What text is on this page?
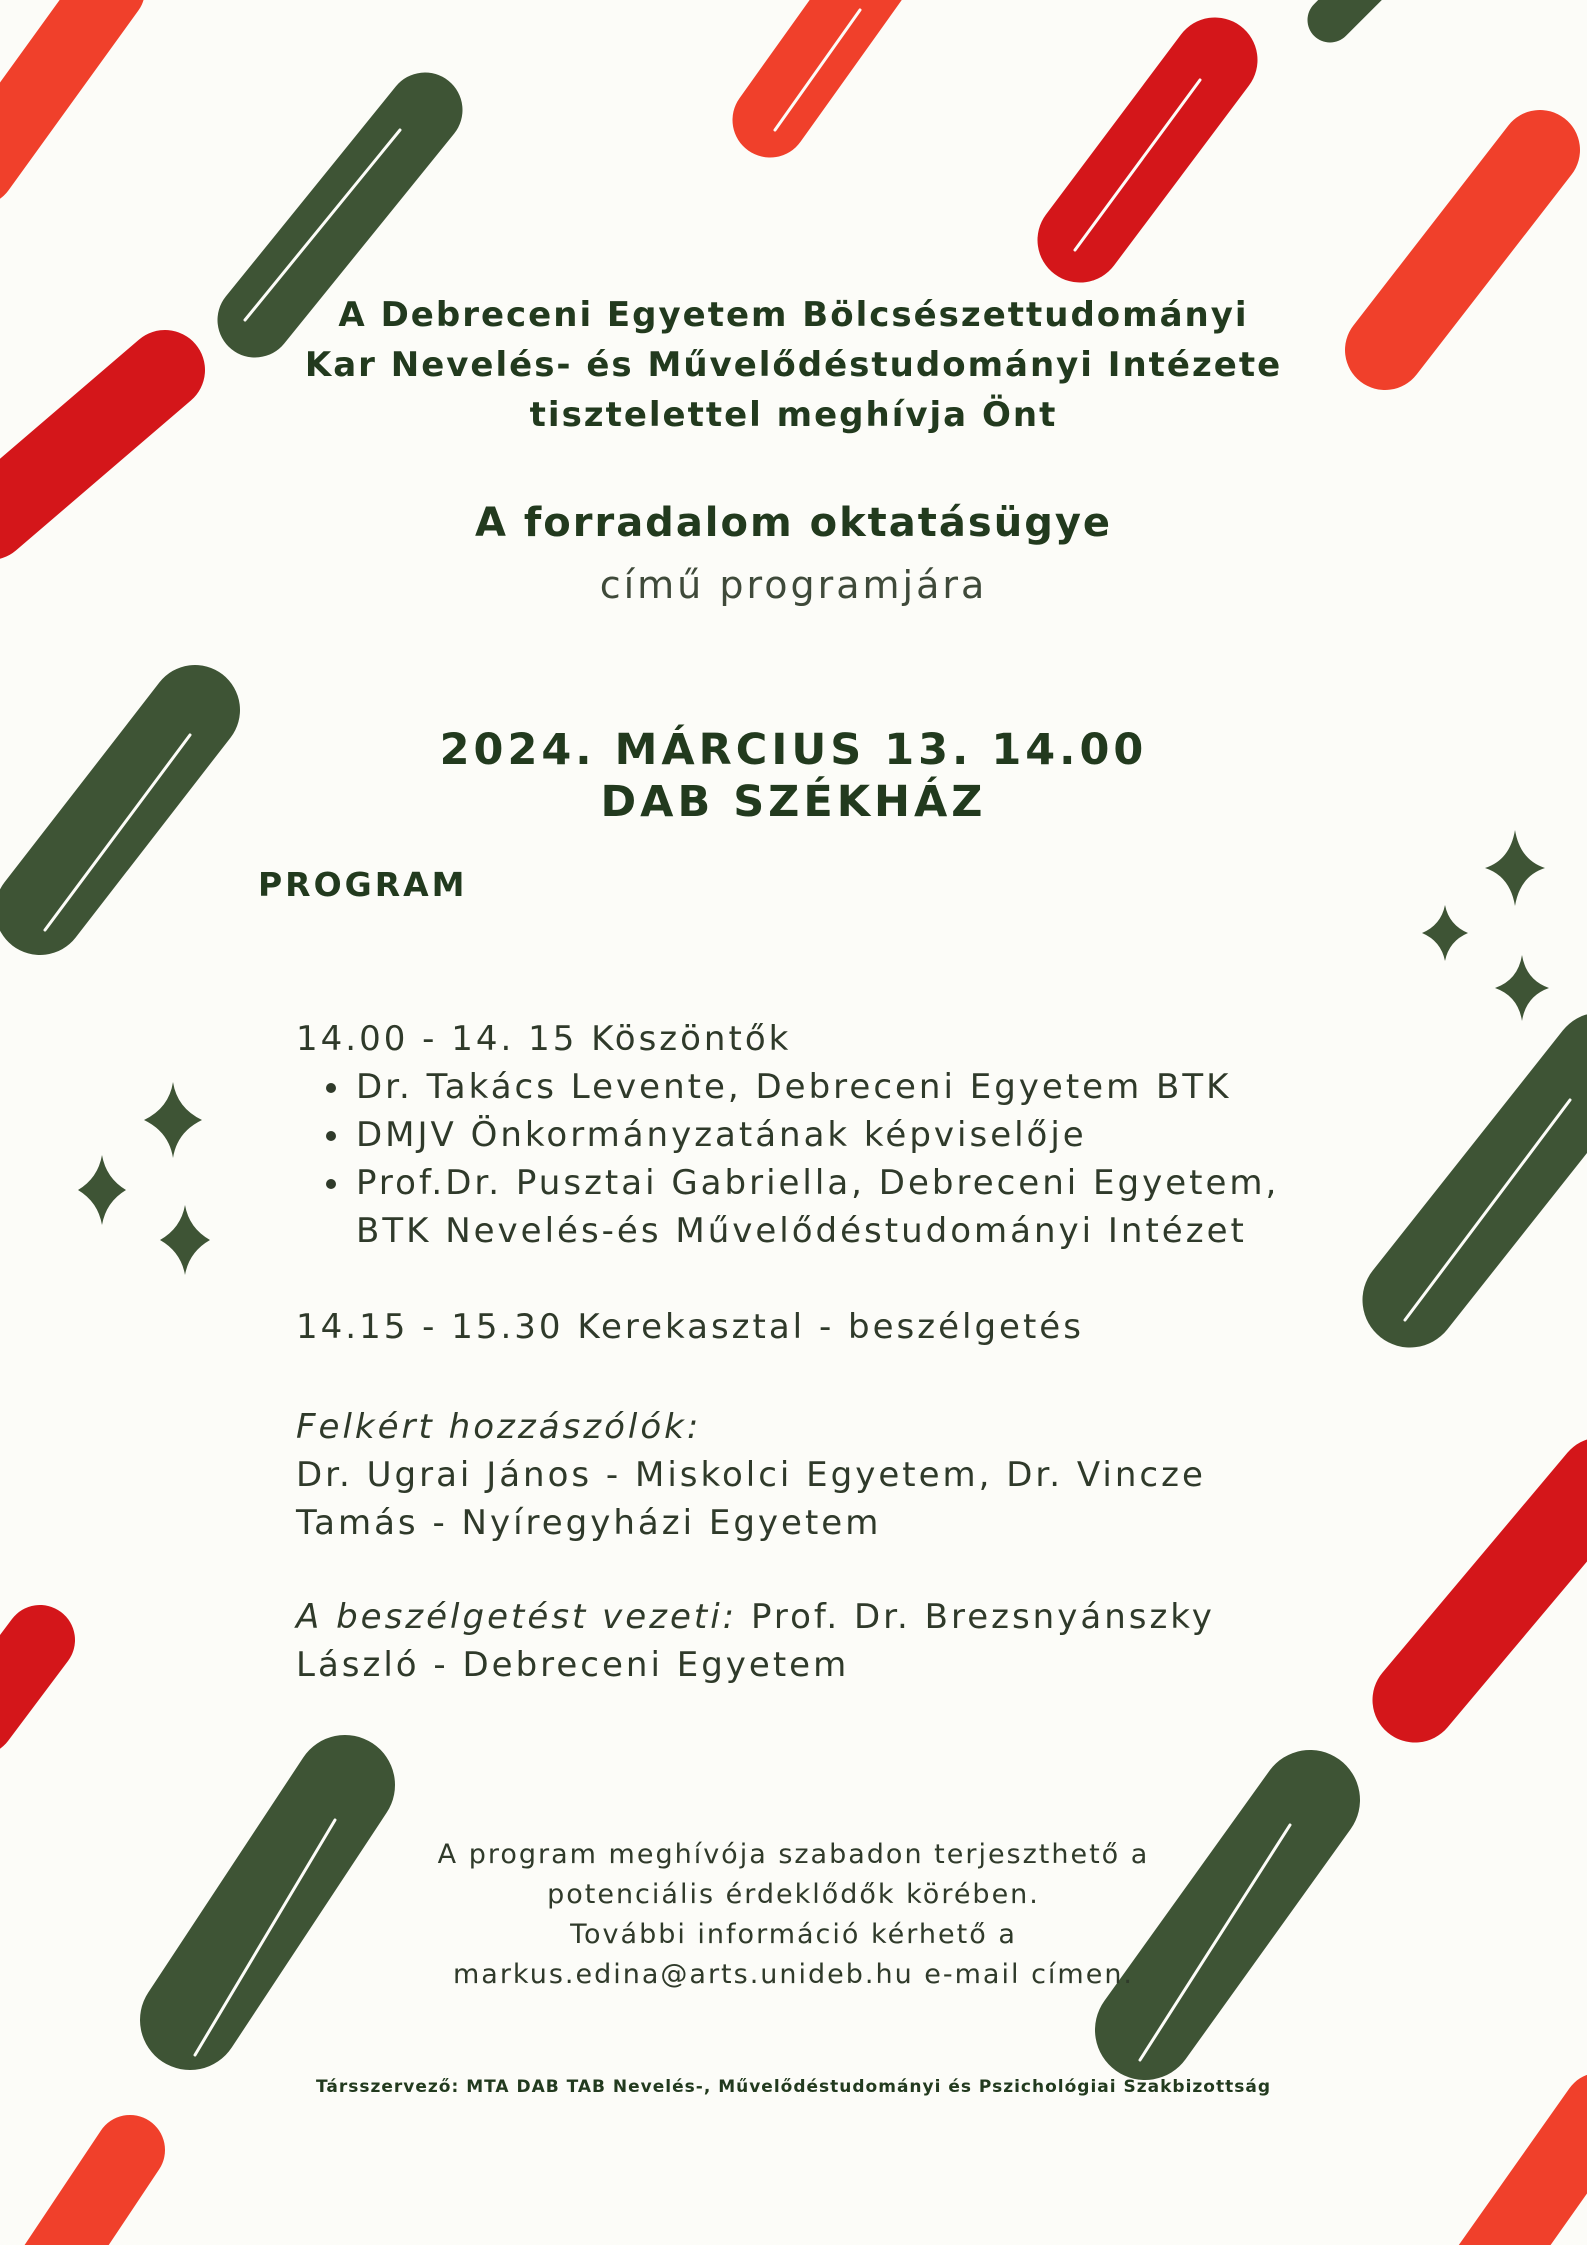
A Debreceni Egyetem Bölcsészettudományi
Kar Nevelés- és Művelődéstudományi Intézete
tisztelettel meghívja Önt
A forradalom oktatásügye
című programjára
2024. MÁRCIUS 13. 14.00
DAB SZÉKHÁZ
PROGRAM
14.00 - 14. 15 Köszöntők
Dr. Takács Levente, Debreceni Egyetem BTK
DMJV Önkormányzatának képviselője
Prof.Dr. Pusztai Gabriella, Debreceni Egyetem,
BTK Nevelés-és Művelődéstudományi Intézet
14.15 - 15.30 Kerekasztal - beszélgetés
Felkért hozzászólók:
Dr. Ugrai János - Miskolci Egyetem, Dr. Vincze
Tamás - Nyíregyházi Egyetem
A beszélgetést vezeti: Prof. Dr. Brezsnyánszky
László - Debreceni Egyetem
A program meghívója szabadon terjeszthető a
potenciális érdeklődők körében.
További információ kérhető a
markus.edina@arts.unideb.hu e-mail címen.
Társszervező: MTA DAB TAB Nevelés-, Művelődéstudományi és Pszichológiai Szakbizottság
